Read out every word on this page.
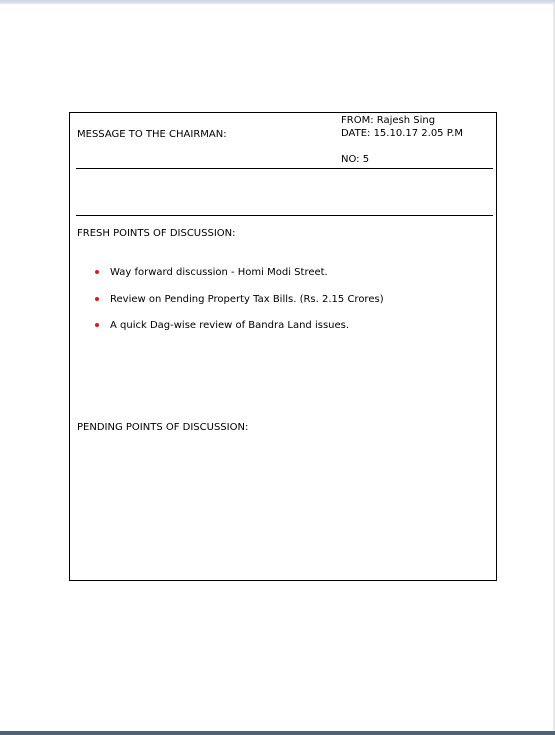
MESSAGE TO THE CHAIRMAN:
FROM: Rajesh Sing
DATE: 15.10.17 2.05 P.M
NO: 5
FRESH POINTS OF DISCUSSION:
Way forward discussion - Homi Modi Street.
Review on Pending Property Tax Bills. (Rs. 2.15 Crores)
A quick Dag-wise review of Bandra Land issues.
PENDING POINTS OF DISCUSSION:
